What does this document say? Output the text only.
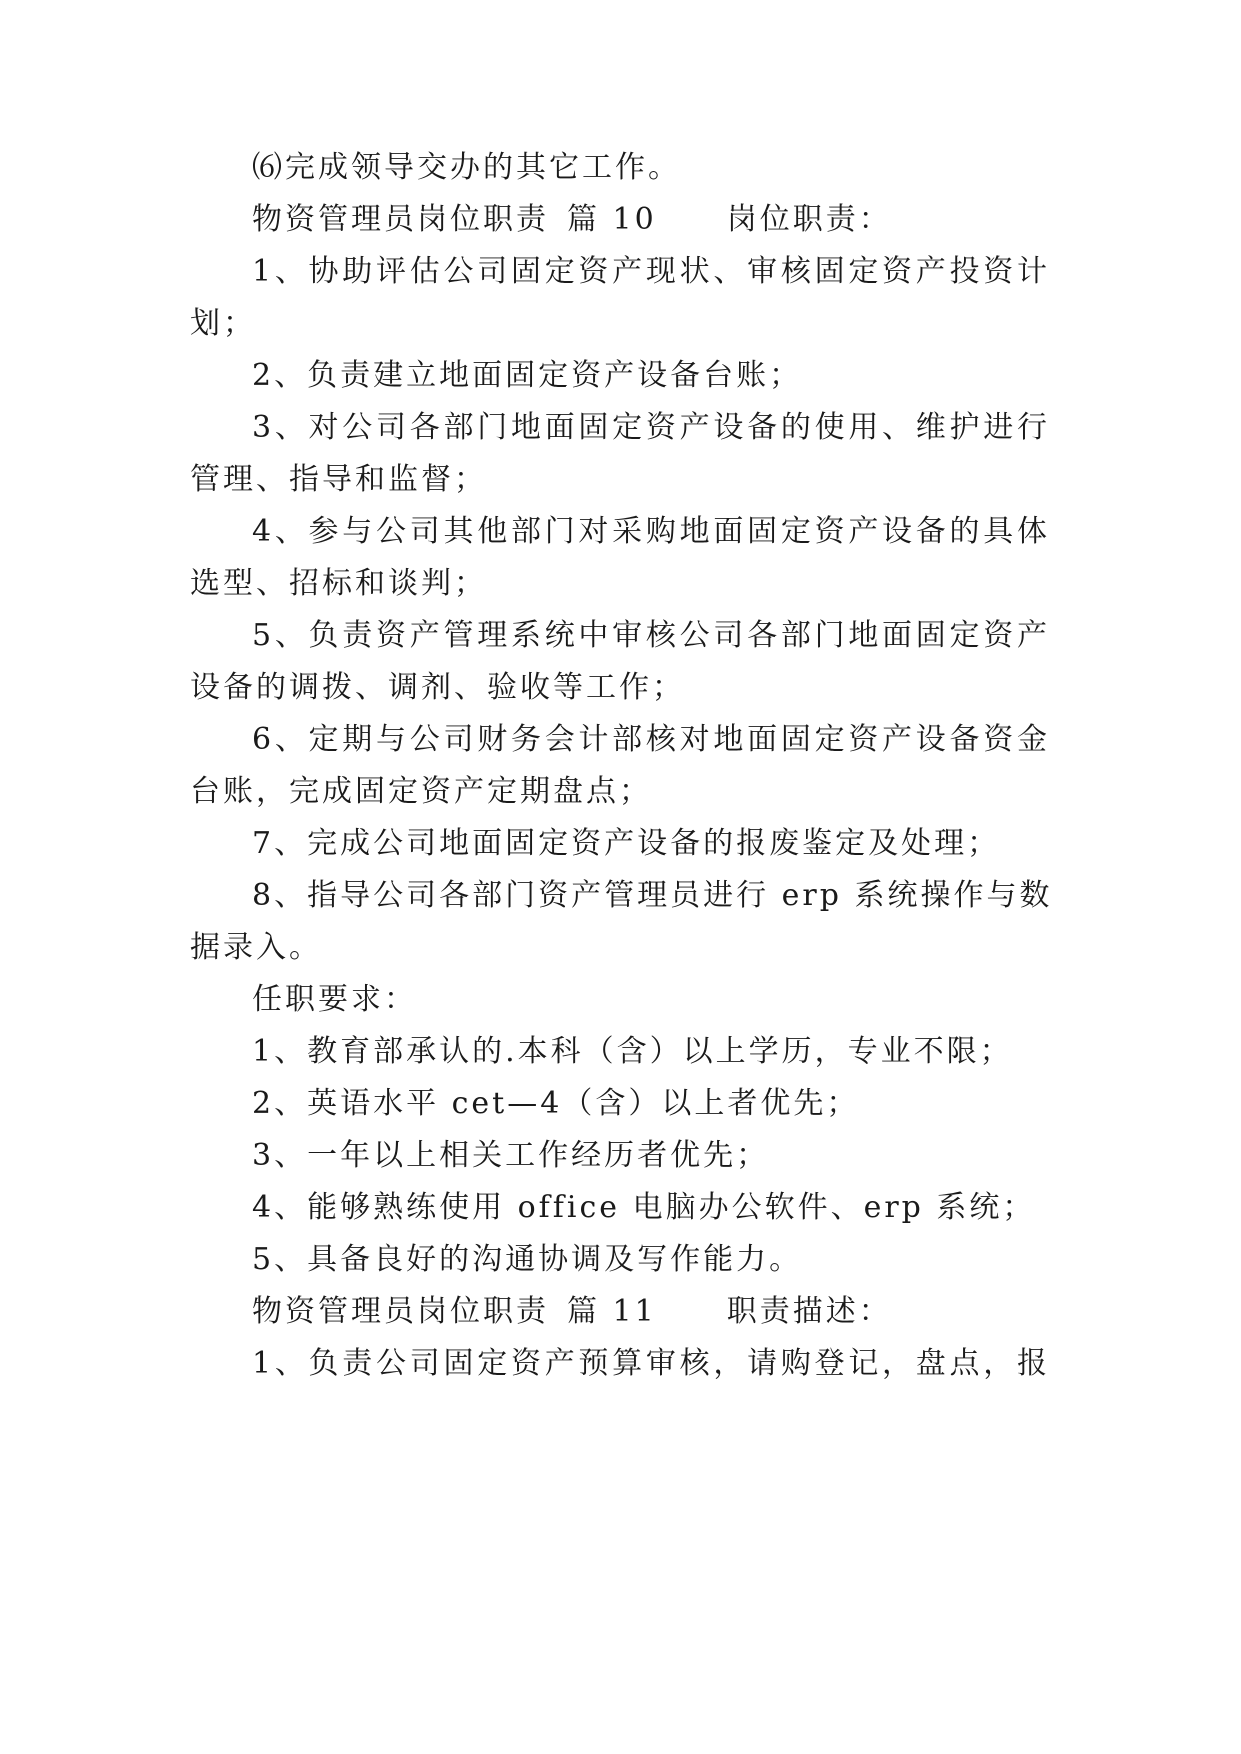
⑹完成领导交办的其它工作。
物资管理员岗位职责 篇 10 岗位职责：
1、协助评估公司固定资产现状、审核固定资产投资计
划；
2、负责建立地面固定资产设备台账；
3、对公司各部门地面固定资产设备的使用、维护进行
管理、指导和监督；
4、参与公司其他部门对采购地面固定资产设备的具体
选型、招标和谈判；
5、负责资产管理系统中审核公司各部门地面固定资产
设备的调拨、调剂、验收等工作；
6、定期与公司财务会计部核对地面固定资产设备资金
台账，完成固定资产定期盘点；
7、完成公司地面固定资产设备的报废鉴定及处理；
8、指导公司各部门资产管理员进行 erp 系统操作与数
据录入。
任职要求：
1、教育部承认的.本科（含）以上学历，专业不限；
2、英语水平 cet—4（含）以上者优先；
3、一年以上相关工作经历者优先；
4、能够熟练使用 office 电脑办公软件、erp 系统；
5、具备良好的沟通协调及写作能力。
物资管理员岗位职责 篇 11 职责描述：
1、负责公司固定资产预算审核，请购登记，盘点，报
